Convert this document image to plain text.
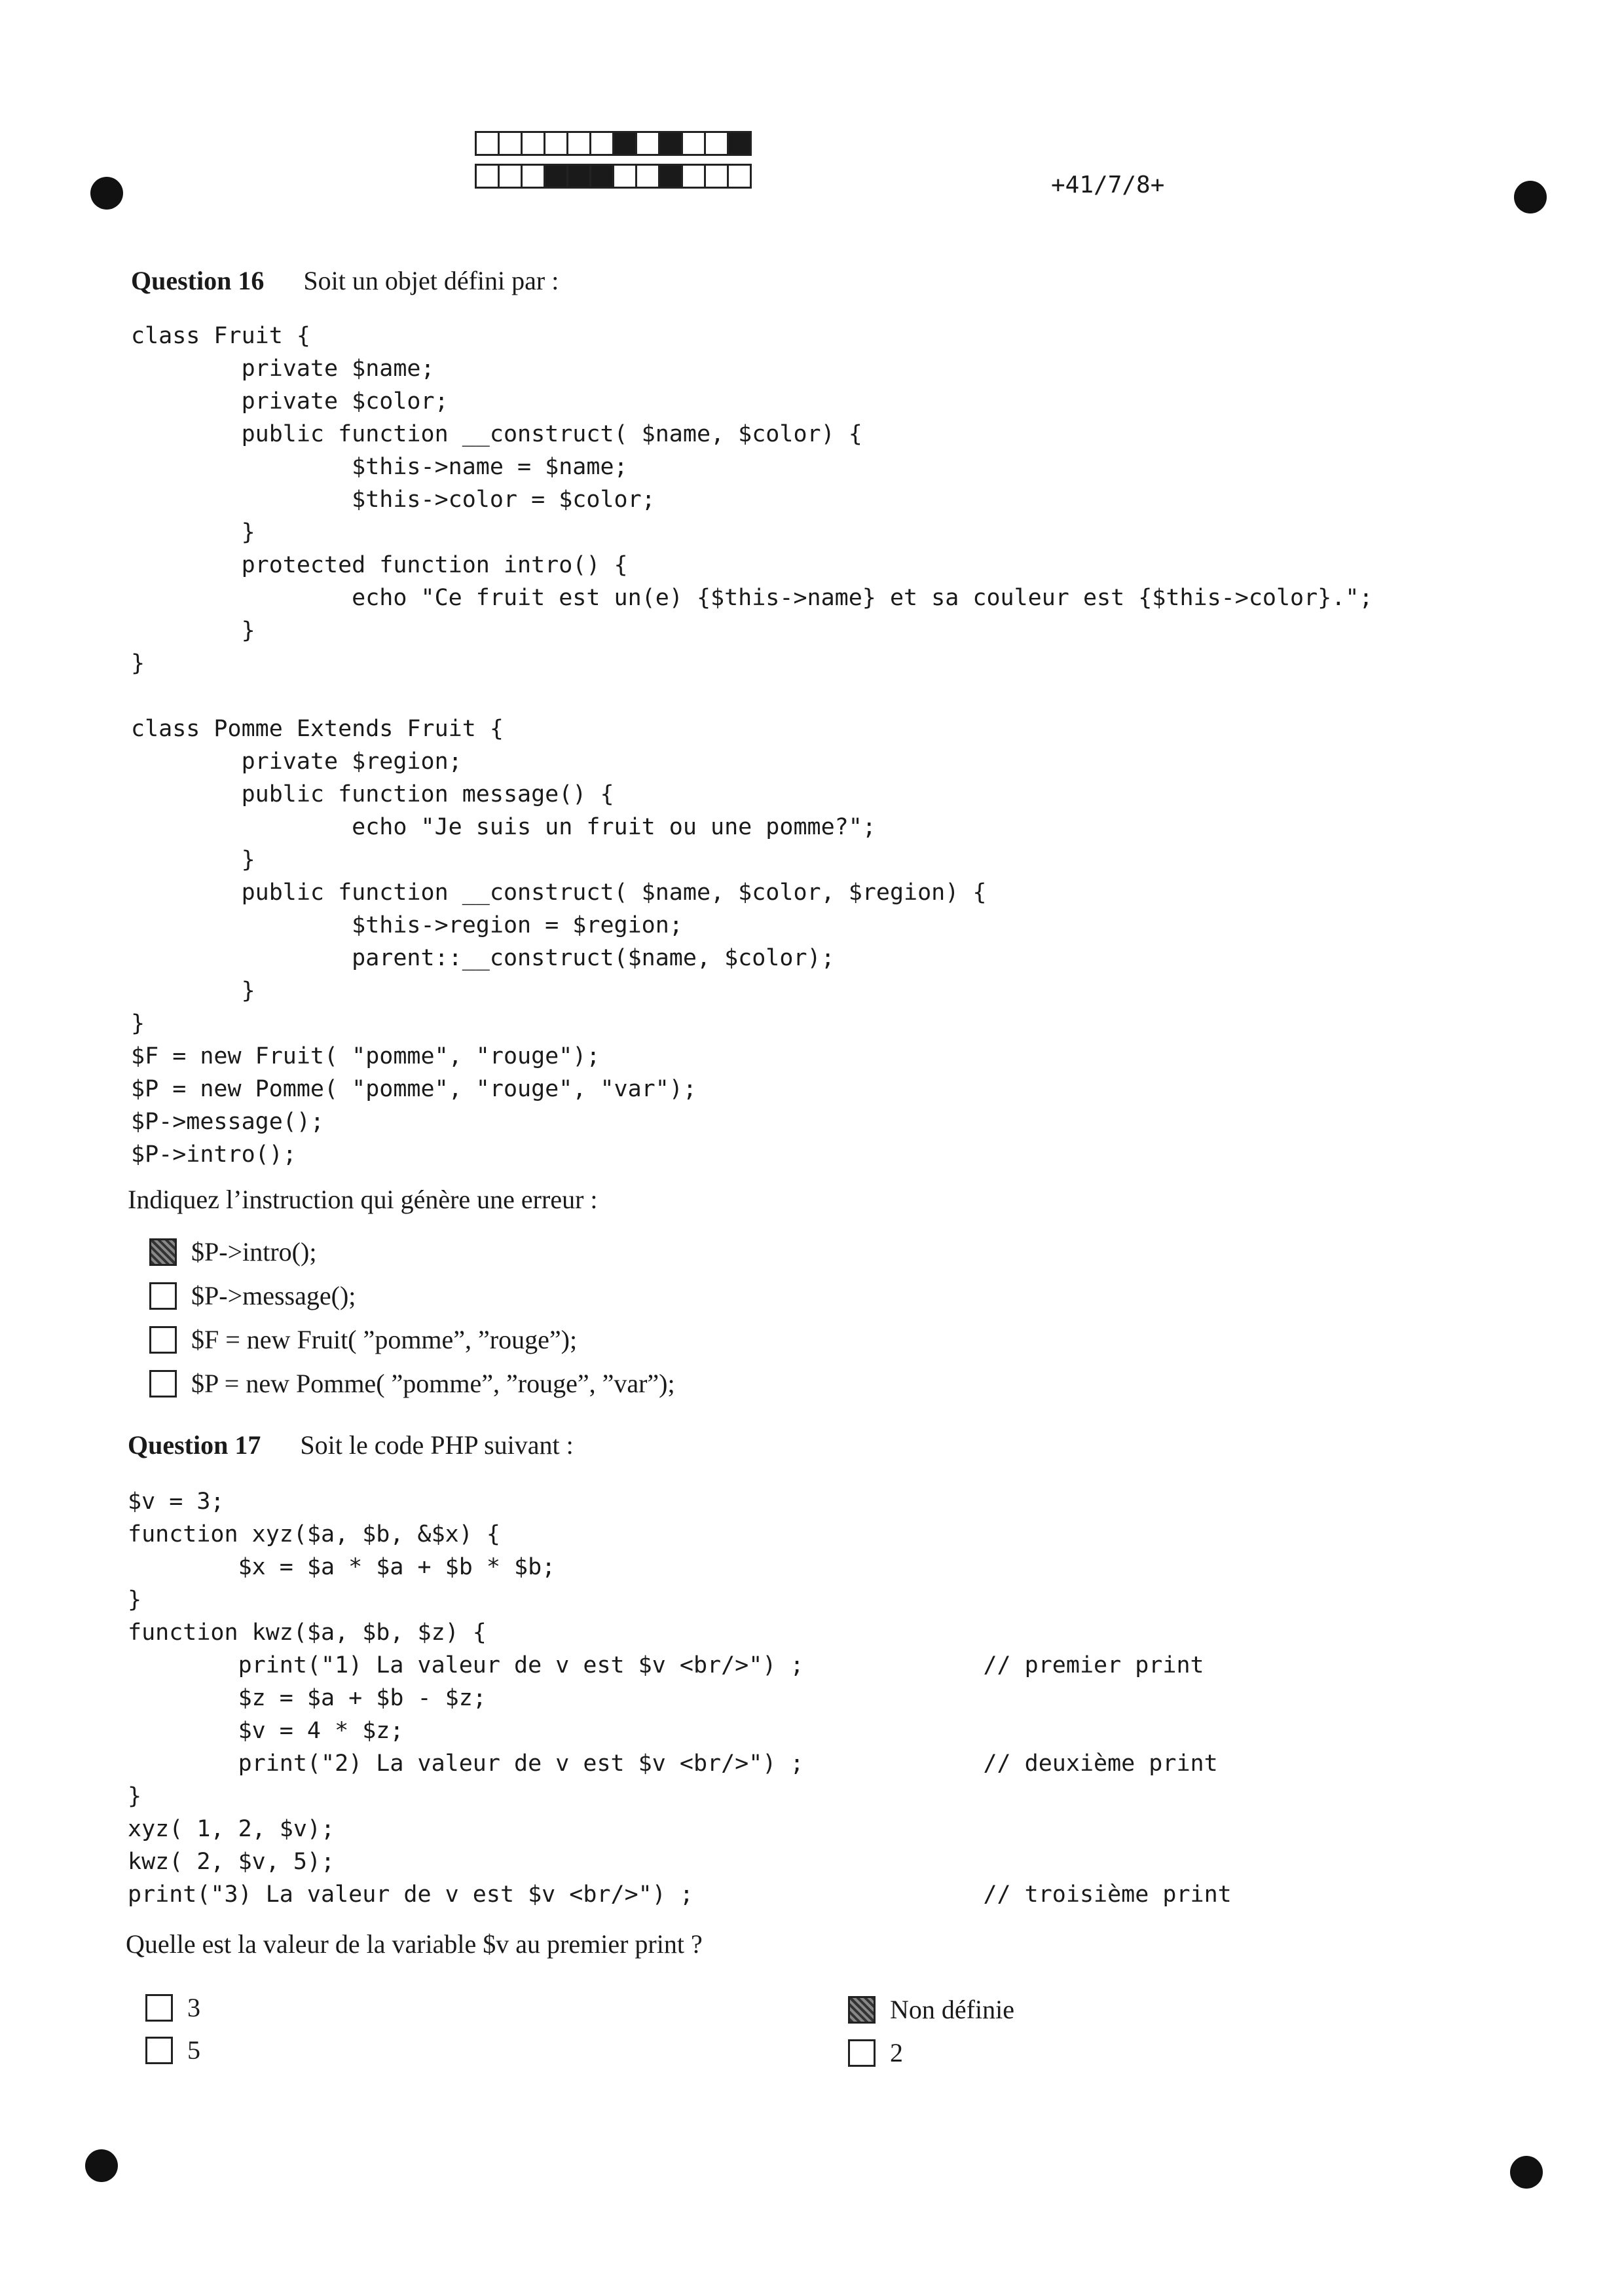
+41/7/8+
Question 16 Soit un objet défini par :
class Fruit {
private $name;
private $color;
public function __construct( $name, $color) {
$this->name = $name;
$this->color = $color;
}
protected function intro() {
echo "Ce fruit est un(e) {$this->name} et sa couleur est {$this->color}.";
}
}

class Pomme Extends Fruit {
private $region;
public function message() {
echo "Je suis un fruit ou une pomme?";
}
public function __construct( $name, $color, $region) {
$this->region = $region;
parent::__construct($name, $color);
}
}
$F = new Fruit( "pomme", "rouge");
$P = new Pomme( "pomme", "rouge", "var");
$P->message();
$P->intro();
Indiquez l’instruction qui génère une erreur :
$P->intro();
$P->message();
$F = new Fruit( ”pomme”, ”rouge”);
$P = new Pomme( ”pomme”, ”rouge”, ”var”);
Question 17 Soit le code PHP suivant :
$v = 3;
function xyz($a, $b, &$x) {
$x = $a * $a + $b * $b;
}
function kwz($a, $b, $z) {
print("1) La valeur de v est $v <br/>") ;             // premier print
$z = $a + $b - $z;
$v = 4 * $z;
print("2) La valeur de v est $v <br/>") ;             // deuxième print
}
xyz( 1, 2, $v);
kwz( 2, $v, 5);
print("3) La valeur de v est $v <br/>") ;                     // troisième print
Quelle est la valeur de la variable $v au premier print ?
3	Non définie
5	2
